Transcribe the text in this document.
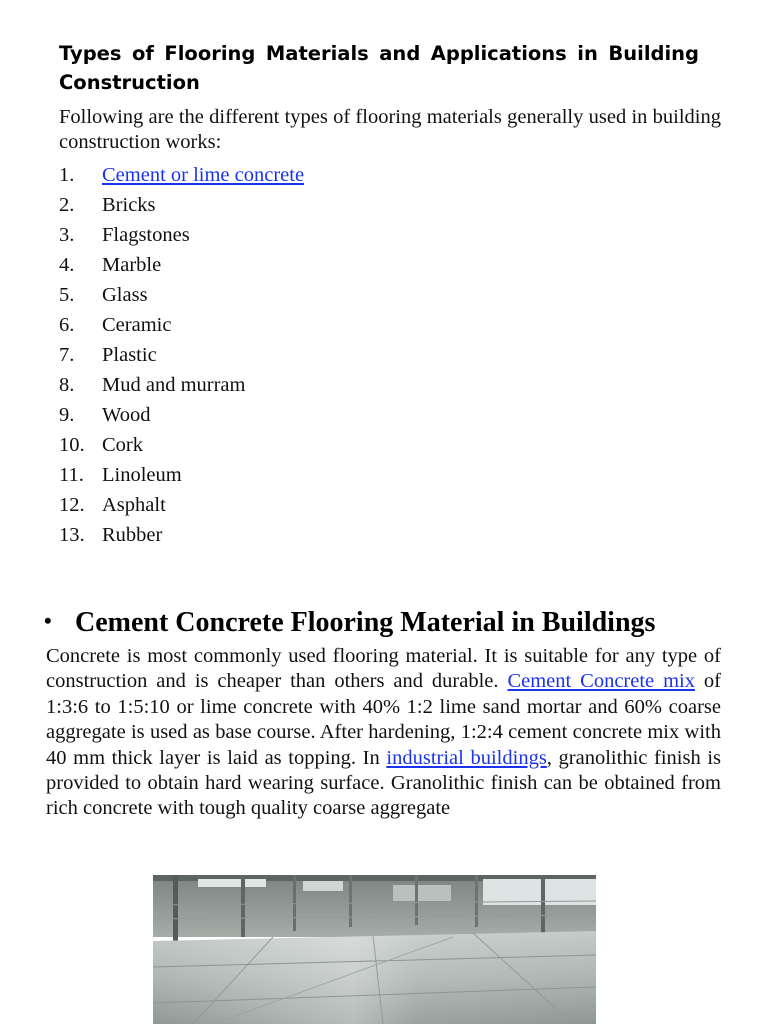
Types of Flooring Materials and Applications in Building Construction

Following are the different types of flooring materials generally used in building construction works:

1. Cement or lime concrete
2. Bricks
3. Flagstones
4. Marble
5. Glass
6. Ceramic
7. Plastic
8. Mud and murram
9. Wood
10. Cork
11. Linoleum
12. Asphalt
13. Rubber
• Cement Concrete Flooring Material in Buildings

Concrete is most commonly used flooring material. It is suitable for any type of construction and is cheaper than others and durable. Cement Concrete mix of 1:3:6 to 1:5:10 or lime concrete with 40% 1:2 lime sand mortar and 60% coarse aggregate is used as base course. After hardening, 1:2:4 cement concrete mix with 40 mm thick layer is laid as topping. In industrial buildings, granolithic finish is provided to obtain hard wearing surface. Granolithic finish can be obtained from rich concrete with tough quality coarse aggregate
